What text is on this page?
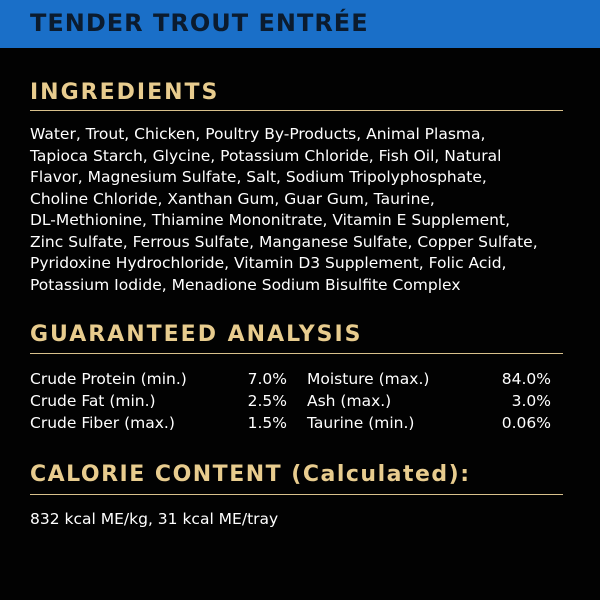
TENDER TROUT ENTRÉE
INGREDIENTS
Water, Trout, Chicken, Poultry By-Products, Animal Plasma,
Tapioca Starch, Glycine, Potassium Chloride, Fish Oil, Natural
Flavor, Magnesium Sulfate, Salt, Sodium Tripolyphosphate,
Choline Chloride, Xanthan Gum, Guar Gum, Taurine,
DL-Methionine, Thiamine Mononitrate, Vitamin E Supplement,
Zinc Sulfate, Ferrous Sulfate, Manganese Sulfate, Copper Sulfate,
Pyridoxine Hydrochloride, Vitamin D3 Supplement, Folic Acid,
Potassium Iodide, Menadione Sodium Bisulfite Complex
GUARANTEED ANALYSIS
Crude Protein (min.)	7.0% Moisture (max.)	84.0%
Crude Fat (min.)	2.5% Ash (max.)	3.0%
Crude Fiber (max.)	1.5% Taurine (min.)	0.06%
CALORIE CONTENT (Calculated):
832 kcal ME/kg, 31 kcal ME/tray
